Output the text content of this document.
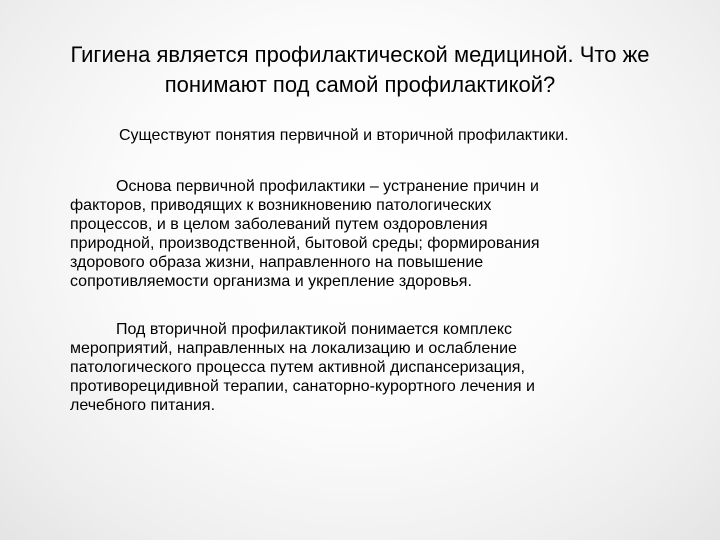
Гигиена является профилактической медициной. Что же
понимают под самой профилактикой?

Существуют понятия первичной и вторичной профилактики.

Основа первичной профилактики – устранение причин и
факторов, приводящих к возникновению патологических
процессов, и в целом заболеваний путем оздоровления
природной, производственной, бытовой среды; формирования
здорового образа жизни, направленного на повышение
сопротивляемости организма и укрепление здоровья.

Под вторичной профилактикой понимается комплекс
мероприятий, направленных на локализацию и ослабление
патологического процесса путем активной диспансеризация,
противорецидивной терапии, санаторно-курортного лечения и
лечебного питания.
